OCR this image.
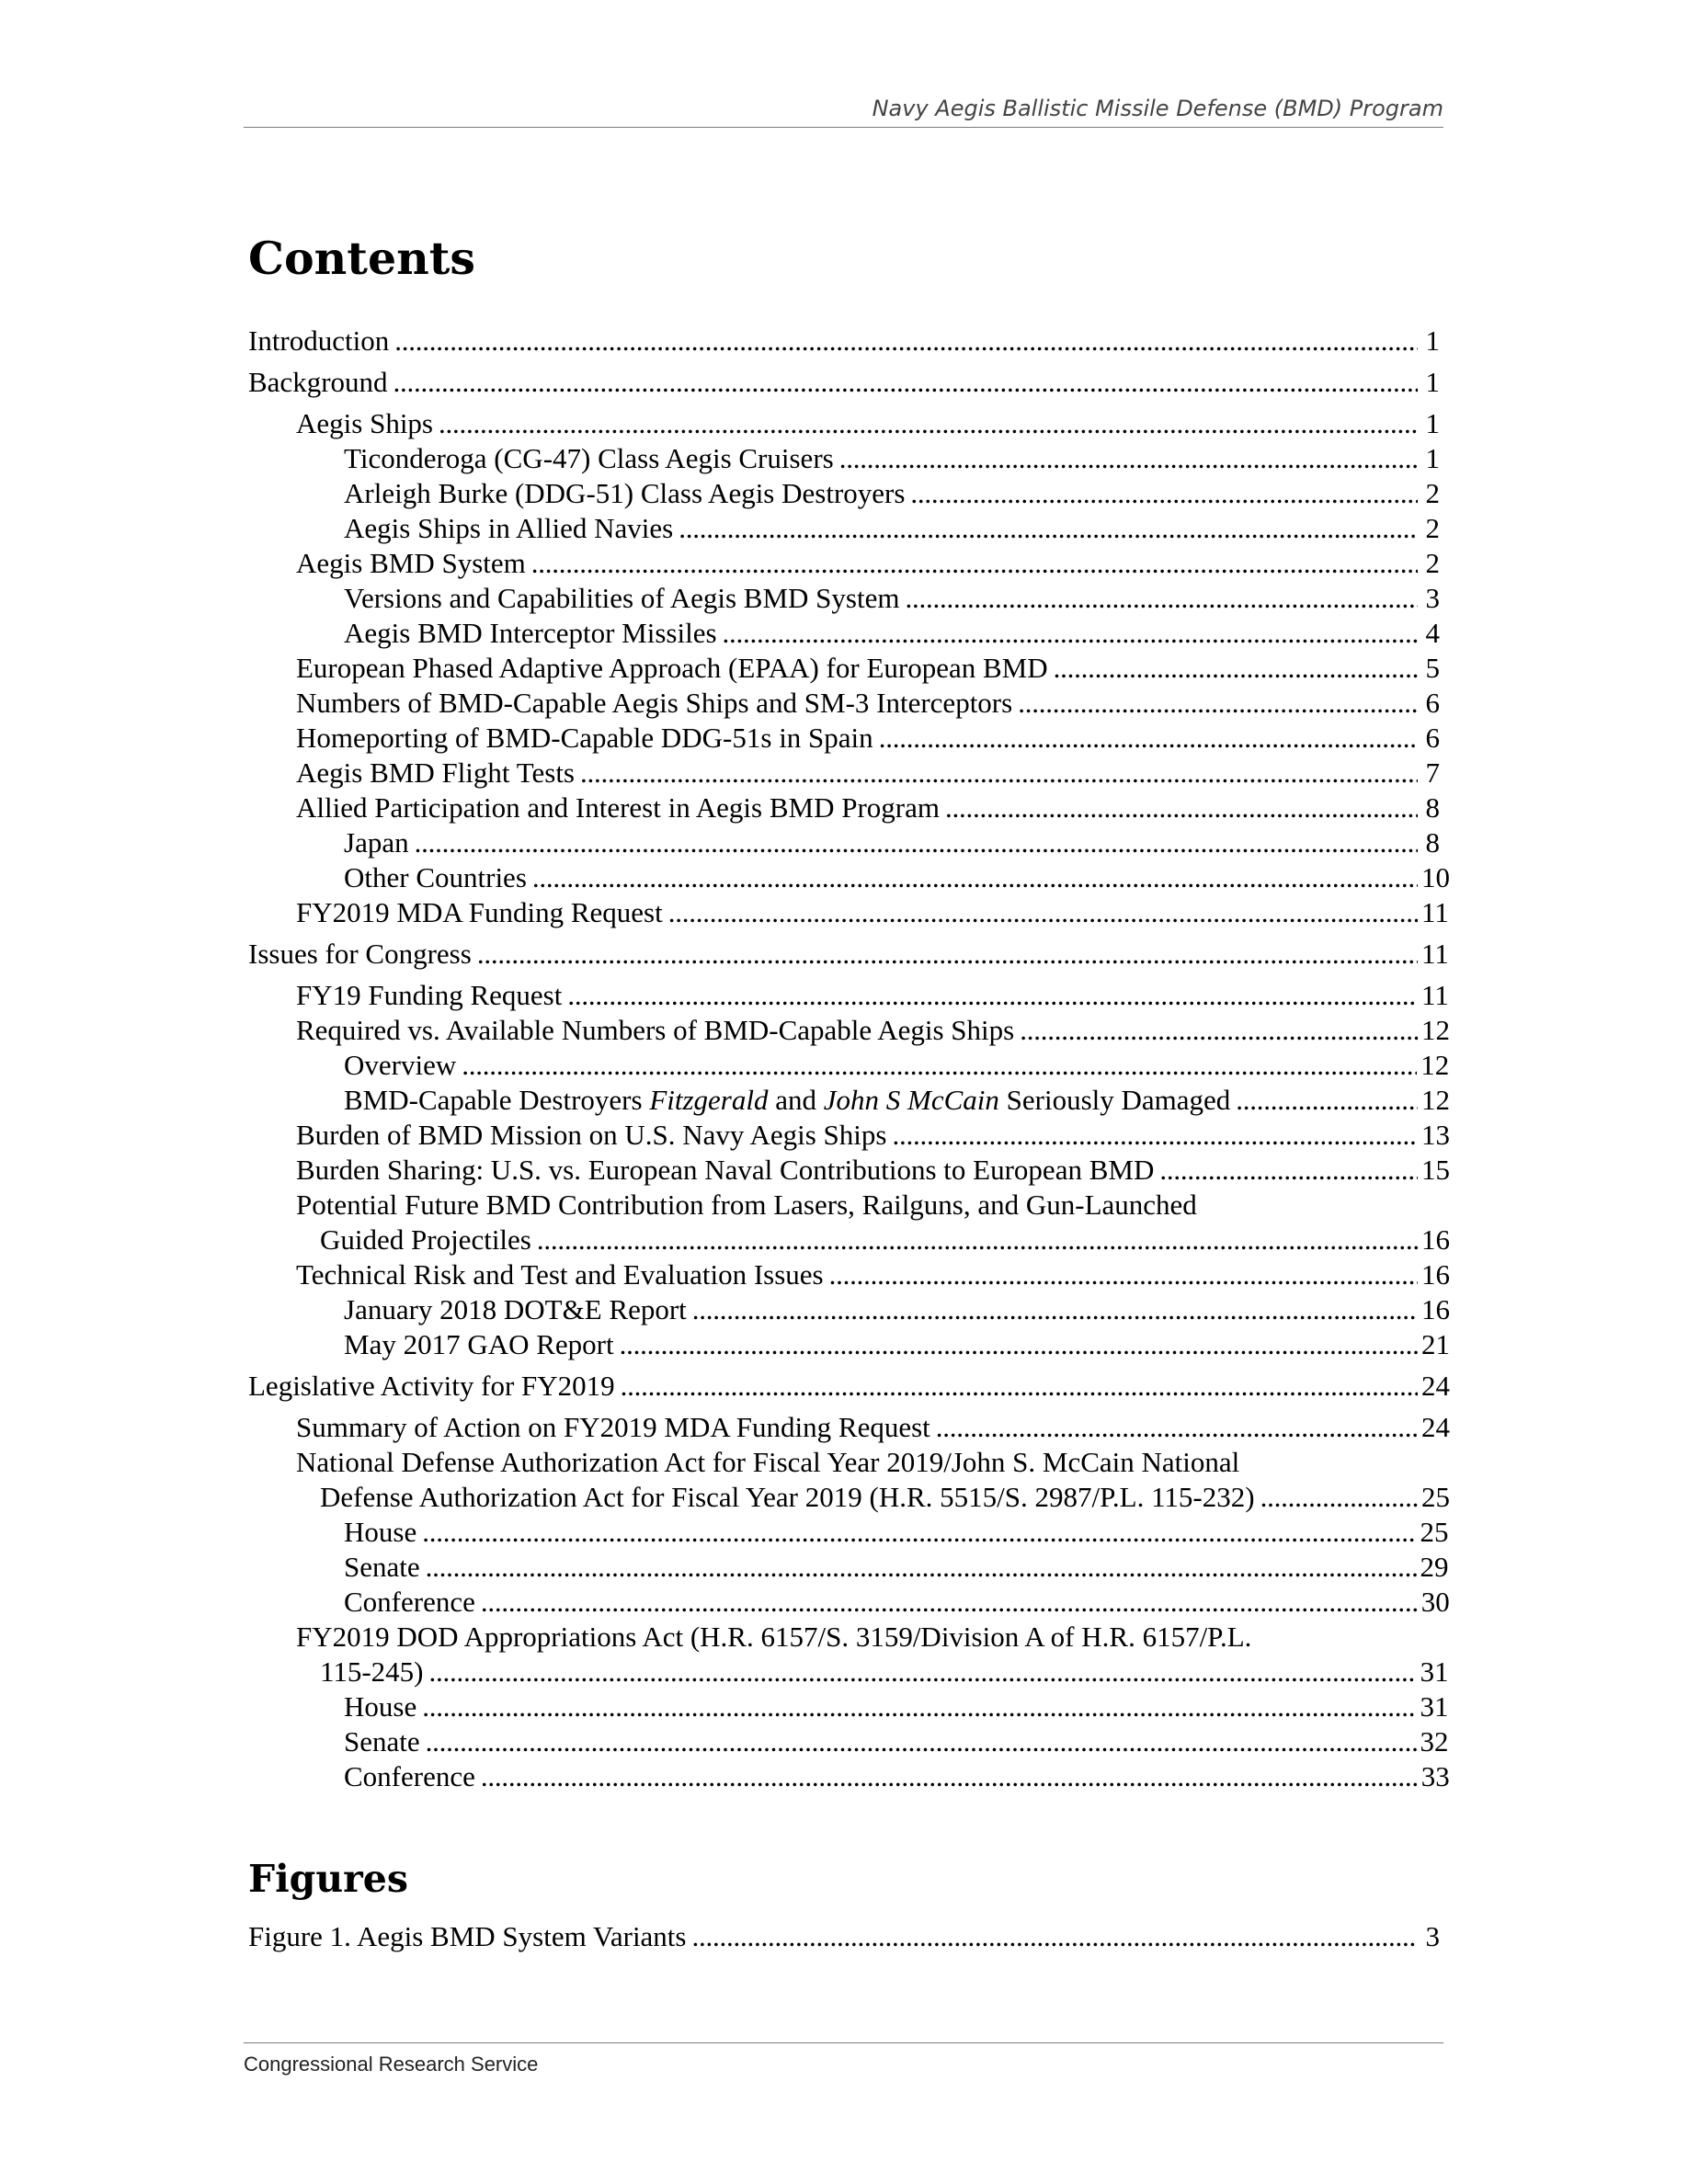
Navy Aegis Ballistic Missile Defense (BMD) Program
Contents
Introduction . . .	1
Background . . .	1
Aegis Ships . . .	1
Ticonderoga (CG-47) Class Aegis Cruisers . . .	1
Arleigh Burke (DDG-51) Class Aegis Destroyers . . .	2
Aegis Ships in Allied Navies . . .	2
Aegis BMD System . . .	2
Versions and Capabilities of Aegis BMD System . . .	3
Aegis BMD Interceptor Missiles . . .	4
European Phased Adaptive Approach (EPAA) for European BMD . . .	5
Numbers of BMD-Capable Aegis Ships and SM-3 Interceptors . . .	6
Homeporting of BMD-Capable DDG-51s in Spain . . .	6
Aegis BMD Flight Tests . . .	7
Allied Participation and Interest in Aegis BMD Program . . .	8
Japan . . .	8
Other Countries . . .	10
FY2019 MDA Funding Request . . .	11
Issues for Congress . . .	11
FY19 Funding Request . . .	11
Required vs. Available Numbers of BMD-Capable Aegis Ships . . .	12
Overview . . .	12
BMD-Capable Destroyers Fitzgerald and John S McCain Seriously Damaged . . .	12
Burden of BMD Mission on U.S. Navy Aegis Ships . . .	13
Burden Sharing: U.S. vs. European Naval Contributions to European BMD . . .	15
Potential Future BMD Contribution from Lasers, Railguns, and Gun-Launched
Guided Projectiles . . .	16
Technical Risk and Test and Evaluation Issues . . .	16
January 2018 DOT&E Report . . .	16
May 2017 GAO Report . . .	21
Legislative Activity for FY2019 . . .	24
Summary of Action on FY2019 MDA Funding Request . . .	24
National Defense Authorization Act for Fiscal Year 2019/John S. McCain National
Defense Authorization Act for Fiscal Year 2019 (H.R. 5515/S. 2987/P.L. 115-232) . . .	25
House . . .	25
Senate . . .	29
Conference . . .	30
FY2019 DOD Appropriations Act (H.R. 6157/S. 3159/Division A of H.R. 6157/P.L.
115-245) . . .	31
House . . .	31
Senate . . .	32
Conference . . .	33
Figures
Figure 1. Aegis BMD System Variants . . .	3
Congressional Research Service
